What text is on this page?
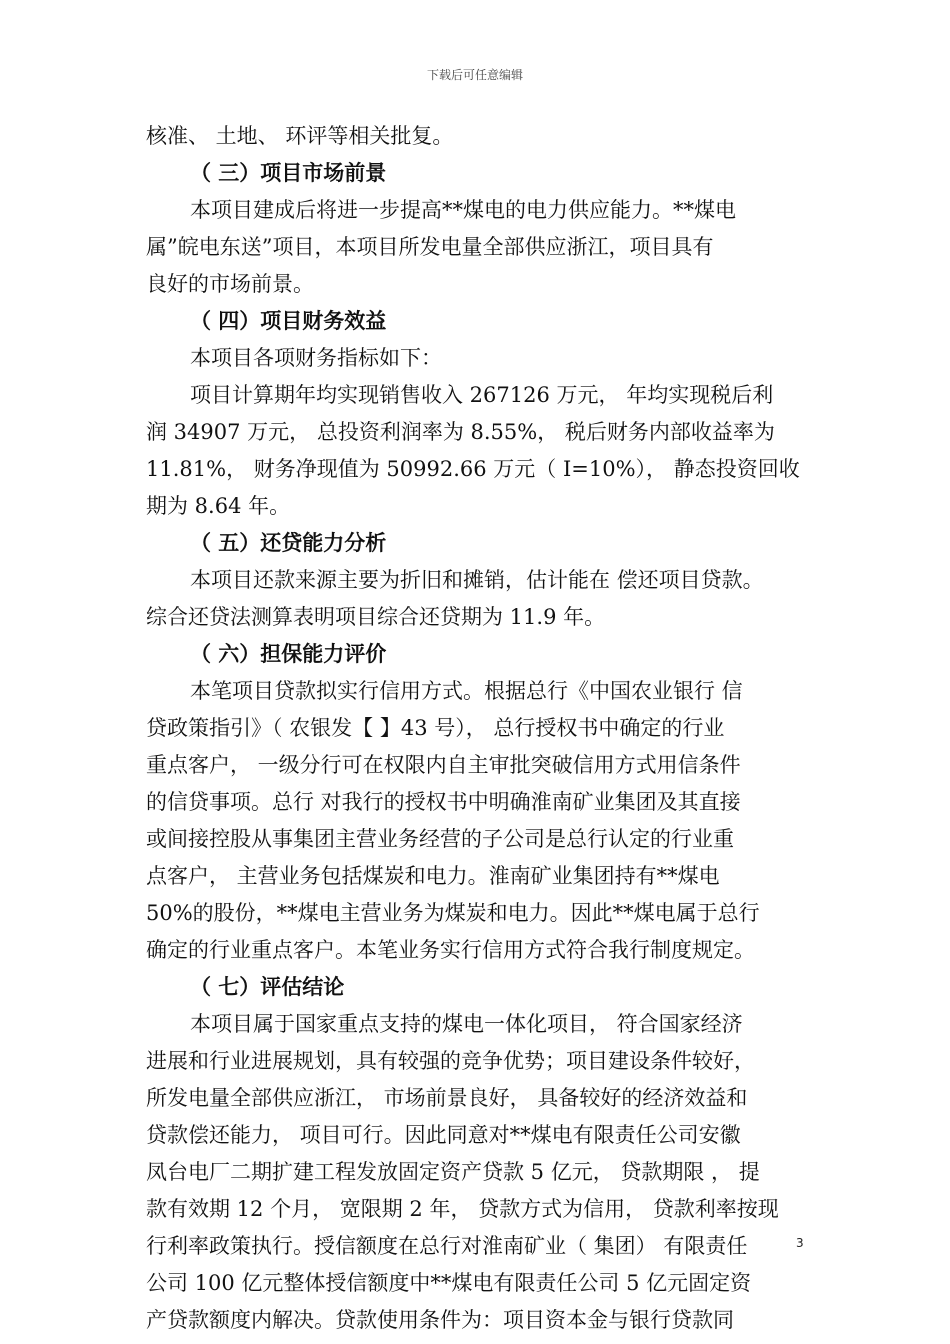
下载后可任意编辑
核准、 土地、 环评等相关批复。
（ 三）项目市场前景
本项目建成后将进一步提高**煤电的电力供应能力。**煤电
属”皖电东送”项目，本项目所发电量全部供应浙江，项目具有
良好的市场前景。
（ 四）项目财务效益
本项目各项财务指标如下：
项目计算期年均实现销售收入 267126 万元， 年均实现税后利
润 34907 万元， 总投资利润率为 8.55%， 税后财务内部收益率为
11.81%， 财务净现值为 50992.66 万元（ I=10%）， 静态投资回收
期为 8.64 年。
（ 五）还贷能力分析
本项目还款来源主要为折旧和摊销，估计能在 偿还项目贷款。
综合还贷法测算表明项目综合还贷期为 11.9 年。
（ 六）担保能力评价
本笔项目贷款拟实行信用方式。根据总行《中国农业银行 信
贷政策指引》（ 农银发【 】43 号）， 总行授权书中确定的行业
重点客户， 一级分行可在权限内自主审批突破信用方式用信条件
的信贷事项。总行 对我行的授权书中明确淮南矿业集团及其直接
或间接控股从事集团主营业务经营的子公司是总行认定的行业重
点客户， 主营业务包括煤炭和电力。淮南矿业集团持有**煤电
50%的股份，**煤电主营业务为煤炭和电力。因此**煤电属于总行
确定的行业重点客户。本笔业务实行信用方式符合我行制度规定。
（ 七）评估结论
本项目属于国家重点支持的煤电一体化项目， 符合国家经济
进展和行业进展规划，具有较强的竞争优势；项目建设条件较好，
所发电量全部供应浙江， 市场前景良好， 具备较好的经济效益和
贷款偿还能力， 项目可行。因此同意对**煤电有限责任公司安徽
凤台电厂二期扩建工程发放固定资产贷款 5 亿元， 贷款期限 ， 提
款有效期 12 个月， 宽限期 2 年， 贷款方式为信用， 贷款利率按现
行利率政策执行。授信额度在总行对淮南矿业（ 集团） 有限责任
公司 100 亿元整体授信额度中**煤电有限责任公司 5 亿元固定资
产贷款额度内解决。贷款使用条件为：项目资本金与银行贷款同
3
